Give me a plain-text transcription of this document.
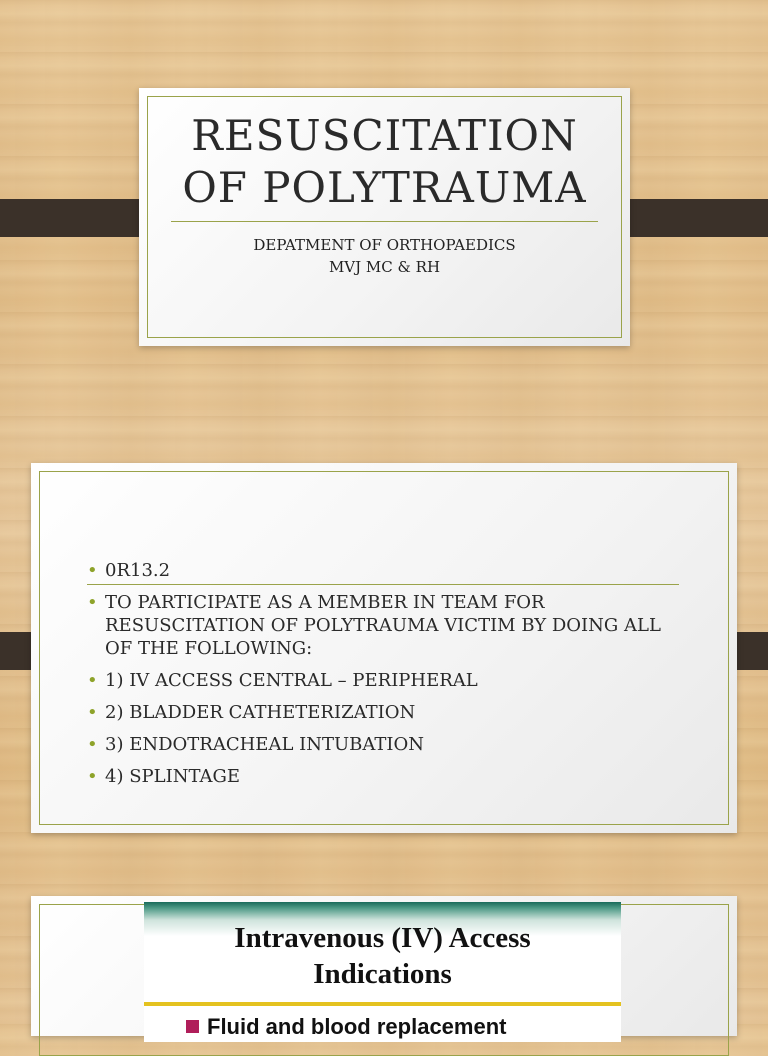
RESUSCITATION
OF POLYTRAUMA
DEPATMENT OF ORTHOPAEDICS
MVJ MC & RH
• 0R13.2
• TO PARTICIPATE AS A MEMBER IN TEAM FOR RESUSCITATION OF POLYTRAUMA VICTIM BY DOING ALL OF THE FOLLOWING:
• 1) IV ACCESS CENTRAL – PERIPHERAL
• 2) BLADDER CATHETERIZATION
• 3) ENDOTRACHEAL INTUBATION
• 4) SPLINTAGE
Intravenous (IV) Access
Indications
Fluid and blood replacement
